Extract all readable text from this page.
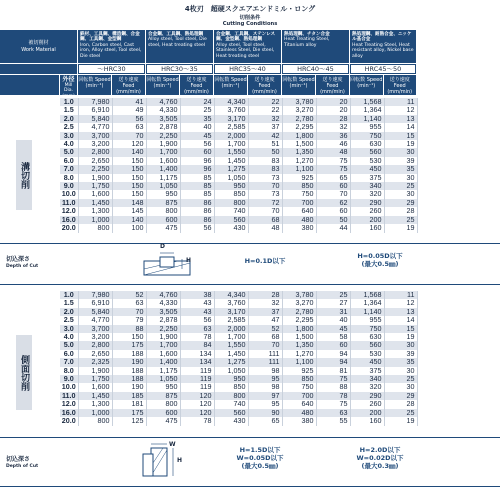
4枚刃　超硬スクエアエンドミル・ロング
切削条件
Cutting Conditions
被切削材
Work Material
外径
Mill Dia. (mm)
鉄材、工具鋼、構造鋼、合金鋼、工具鋼、金型鋼
Iron, Carbon steel, Cast iron, Alloy steel, Tool steel, Die steel
～HRC30
回転数 Speed (min⁻¹)
送り速度 Feed (mm/min)
合金鋼、工具鋼、熱処理鋼
Alloy steel, Tool steel, Die steel, Heat treating steel
HRC30～35
回転数 Speed (min⁻¹)
送り速度 Feed (mm/min)
合金鋼、工具鋼、ステンレス鋼、金型鋼、熱処理鋼
Alloy steel, Tool steel, Stainless Steel, Die steel, Heat treating steel
HRC35～40
回転数 Speed (min⁻¹)
送り速度 Feed (mm/min)
熱処理鋼、チタン合金
Heat Treating Steel, Titanium alloy
HRC40～45
回転数 Speed (min⁻¹)
送り速度 Feed (mm/min)
熱処理鋼、耐熱合金、ニッケル基合金
Heat Treating Steel, Heat resistant alloy, Nickel base alloy
HRC45～50
回転数 Speed (min⁻¹)
送り速度 Feed (mm/min)
溝切削
1.0	7,980	41	4,760	24	4,340	22	3,780	20	1,568	11
1.5	6,910	49	4,330	25	3,760	22	3,270	20	1,364	12
2.0	5,840	56	3,505	35	3,170	32	2,780	28	1,140	13
2.5	4,770	63	2,878	40	2,585	37	2,295	32	955	14
3.0	3,700	70	2,250	45	2,000	42	1,800	36	750	15
4.0	3,200	120	1,900	56	1,700	51	1,500	46	630	19
5.0	2,800	140	1,700	60	1,550	50	1,350	48	560	30
6.0	2,650	150	1,600	96	1,450	83	1,270	75	530	39
7.0	2,250	150	1,400	96	1,275	83	1,100	75	450	35
8.0	1,900	150	1,175	85	1,050	73	925	65	375	30
9.0	1,750	150	1,050	85	950	70	850	60	340	25
10.0	1,600	150	950	85	850	73	750	70	320	30
11.0	1,450	148	875	86	800	72	700	62	290	29
12.0	1,300	145	800	86	740	70	640	60	260	28
16.0	1,000	140	600	86	560	68	480	50	200	25
20.0	800	100	475	56	430	48	380	44	160	19
切込深さ
Depth of Cut
D
H	H=0.1D以下
H=0.05D以下
(最大0.5㎜)
側面切削
1.0	7,980	52	4,760	38	4,340	28	3,780	25	1,568	11
1.5	6,910	63	4,330	43	3,760	32	3,270	27	1,364	12
2.0	5,840	70	3,505	43	3,170	37	2,780	31	1,140	13
2.5	4,770	79	2,878	56	2,585	47	2,295	40	955	14
3.0	3,700	88	2,250	63	2,000	52	1,800	45	750	15
4.0	3,200	150	1,900	78	1,700	68	1,500	58	630	19
5.0	2,800	175	1,700	84	1,550	70	1,350	60	560	30
6.0	2,650	188	1,600	134	1,450	111	1,270	94	530	39
7.0	2,325	190	1,400	134	1,275	111	1,100	94	450	35
8.0	1,900	188	1,175	119	1,050	98	925	81	375	30
9.0	1,750	188	1,050	119	950	95	850	75	340	25
10.0	1,600	190	950	119	850	98	750	88	320	30
11.0	1,450	185	875	120	800	97	700	78	290	29
12.0	1,300	181	800	120	740	95	640	75	260	28
16.0	1,000	175	600	120	560	90	480	63	200	25
20.0	800	125	475	78	430	65	380	55	160	19
切込深さ
Depth of Cut
W
H
H=1.5D以下
W=0.05D以下
(最大0.5㎜)
H=2.0D以下
W=0.02D以下
(最大0.3㎜)
